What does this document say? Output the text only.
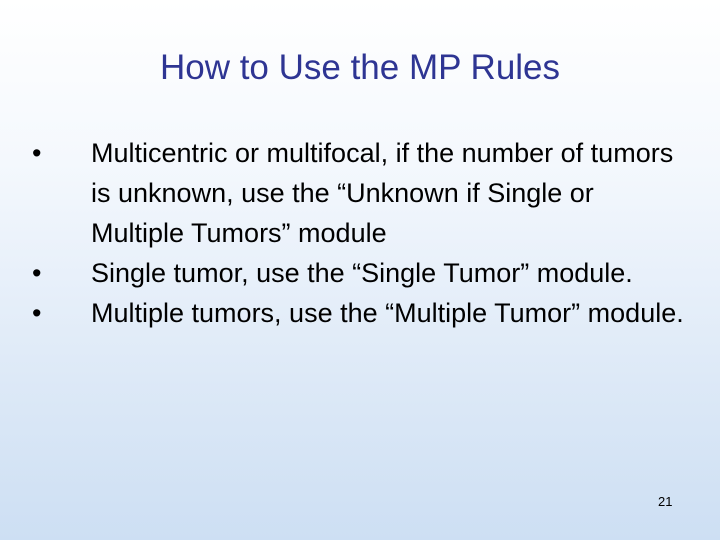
How to Use the MP Rules
•	Multicentric or multifocal, if the number of tumors is unknown, use the “Unknown if Single or Multiple Tumors” module
•	Single tumor, use the “Single Tumor” module.
•	Multiple tumors, use the “Multiple Tumor” module.
21
